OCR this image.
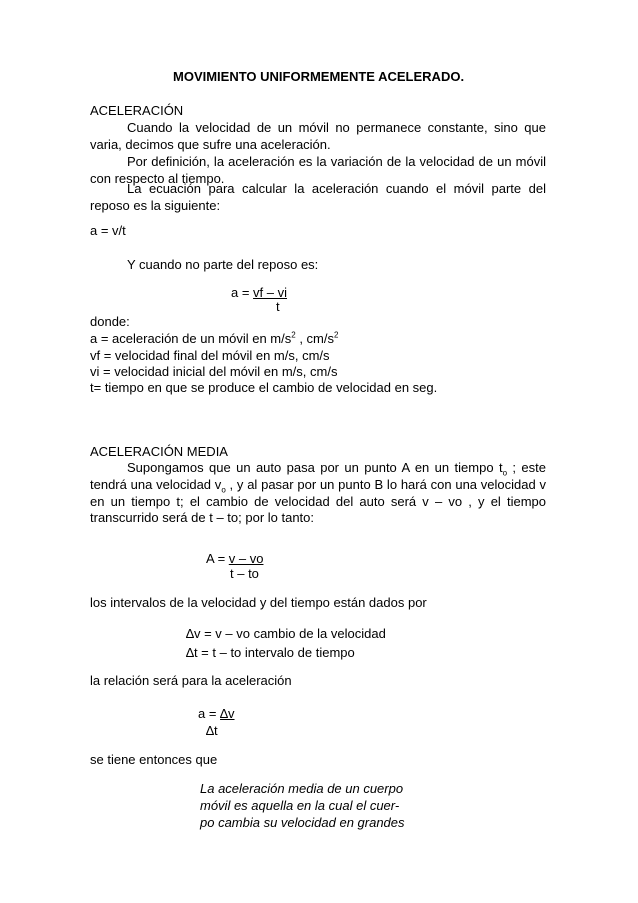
MOVIMIENTO UNIFORMEMENTE ACELERADO.
ACELERACIÓN
Cuando la velocidad de un móvil no permanece constante, sino que
varia, decimos que sufre una aceleración.
Por definición, la aceleración es la variación de la velocidad de un móvil
con respecto al tiempo.
La ecuación para calcular la aceleración cuando el móvil parte del
reposo es la siguiente:
a = v/t
Y cuando no parte del reposo es:
a = vf – vi
t
donde:
a = aceleración de un móvil en $m/s^2$ , $cm/s^2$
vf = velocidad final del móvil en m/s, cm/s
vi = velocidad inicial del móvil en m/s, cm/s
t= tiempo en que se produce el cambio de velocidad en seg.
ACELERACIÓN MEDIA
Supongamos que un auto pasa por un punto A en un tiempo $t_o$ ; este
tendrá una velocidad $v_o$ , y al pasar por un punto B lo hará con una velocidad v
en un tiempo t; el cambio de velocidad del auto será v – vo , y el tiempo
transcurrido será de t – to; por lo tanto:
A = v – vo
t – to
los intervalos de la velocidad y del tiempo están dados por
∆v = v – vo cambio de la velocidad
∆t = t – to intervalo de tiempo
la relación será para la aceleración
a = ∆v
∆t
se tiene entonces que
La aceleración media de un cuerpo
móvil es aquella en la cual el cuer-
po cambia su velocidad en grandes
